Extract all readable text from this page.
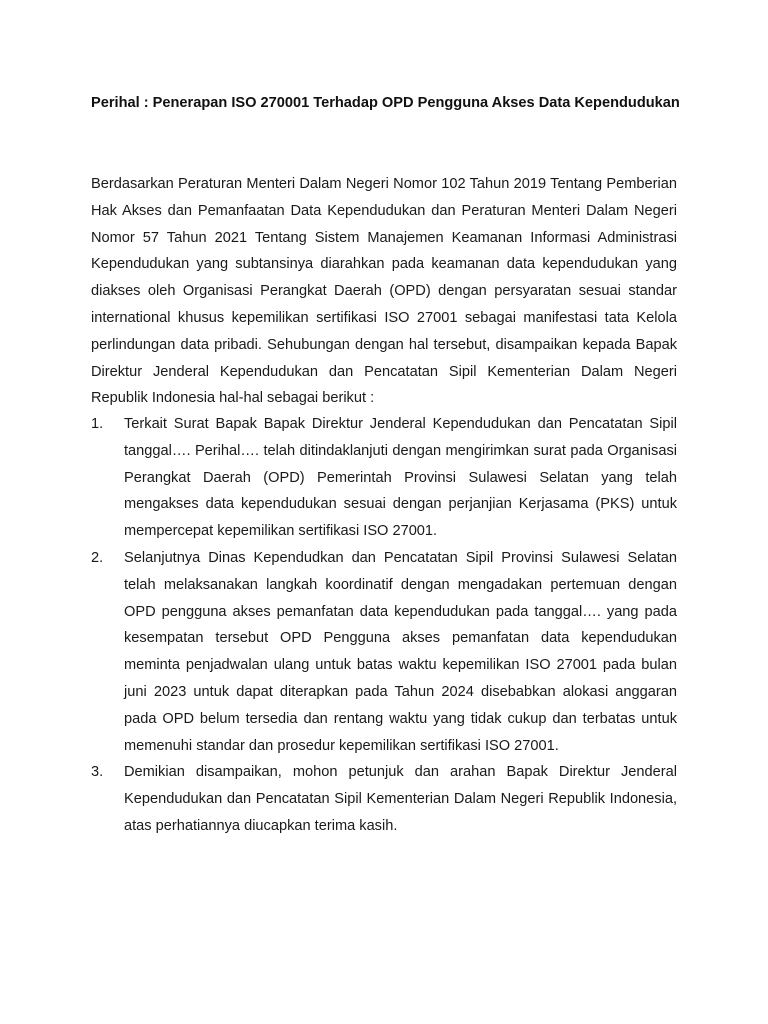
Perihal : Penerapan ISO 270001 Terhadap OPD Pengguna Akses Data Kependudukan
Berdasarkan Peraturan Menteri Dalam Negeri Nomor 102 Tahun 2019 Tentang Pemberian Hak Akses dan Pemanfaatan Data Kependudukan dan Peraturan Menteri Dalam Negeri Nomor 57 Tahun 2021 Tentang Sistem Manajemen Keamanan Informasi Administrasi Kependudukan yang subtansinya diarahkan pada keamanan data kependudukan yang diakses oleh Organisasi Perangkat Daerah (OPD) dengan persyaratan sesuai standar international khusus kepemilikan sertifikasi ISO 27001 sebagai manifestasi tata Kelola perlindungan data pribadi. Sehubungan dengan hal tersebut, disampaikan kepada Bapak Direktur Jenderal Kependudukan dan Pencatatan Sipil Kementerian Dalam Negeri Republik Indonesia hal-hal sebagai berikut :
1. Terkait Surat Bapak Bapak Direktur Jenderal Kependudukan dan Pencatatan Sipil tanggal…. Perihal…. telah ditindaklanjuti dengan mengirimkan surat pada Organisasi Perangkat Daerah (OPD) Pemerintah Provinsi Sulawesi Selatan yang telah mengakses data kependudukan sesuai dengan perjanjian Kerjasama (PKS) untuk mempercepat kepemilikan sertifikasi ISO 27001.
2. Selanjutnya Dinas Kependudkan dan Pencatatan Sipil Provinsi Sulawesi Selatan telah melaksanakan langkah koordinatif dengan mengadakan pertemuan dengan OPD pengguna akses pemanfatan data kependudukan pada tanggal…. yang pada kesempatan tersebut OPD Pengguna akses pemanfatan data kependudukan meminta penjadwalan ulang untuk batas waktu kepemilikan ISO 27001 pada bulan juni 2023 untuk dapat diterapkan pada Tahun 2024 disebabkan alokasi anggaran pada OPD belum tersedia dan rentang waktu yang tidak cukup dan terbatas untuk memenuhi standar dan prosedur kepemilikan sertifikasi ISO 27001.
3. Demikian disampaikan, mohon petunjuk dan arahan Bapak Direktur Jenderal Kependudukan dan Pencatatan Sipil Kementerian Dalam Negeri Republik Indonesia, atas perhatiannya diucapkan terima kasih.
